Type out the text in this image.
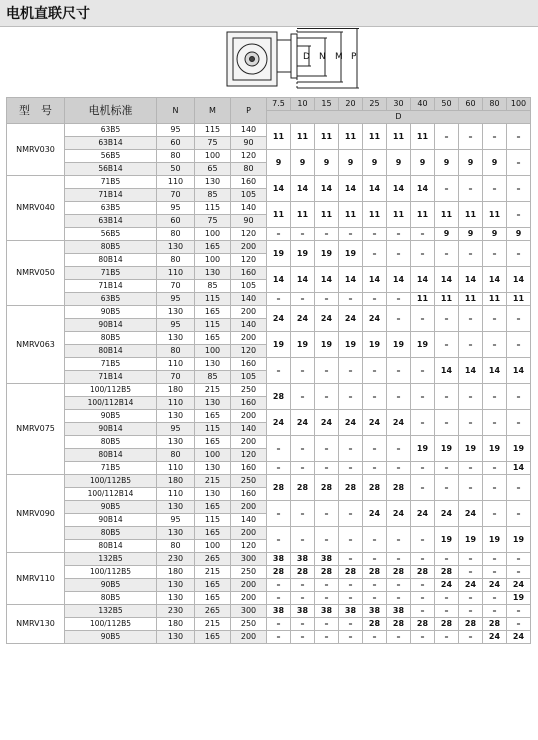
电机直联尺寸
D N M P
型　号	电机标准	N	M	P	7.5	10	15	20	25	30	40	50	60	80	100
					D										
NMRV030	63B5	95	115	140	11	11	11	11	11	11	11	–	–	–	–
	63B14	60	75	90											
	56B5	80	100	120	9	9	9	9	9	9	9	9	9	9	–
	56B14	50	65	80											
NMRV040	71B5	110	130	160	14	14	14	14	14	14	14	–	–	–	–
	71B14	70	85	105											
	63B5	95	115	140	11	11	11	11	11	11	11	11	11	11	–
	63B14	60	75	90											
	56B5	80	100	120	–	–	–	–	–	–	–	9	9	9	9
NMRV050	80B5	130	165	200	19	19	19	19	–	–	–	–	–	–	–
	80B14	80	100	120											
	71B5	110	130	160	14	14	14	14	14	14	14	14	14	14	14
	71B14	70	85	105											
	63B5	95	115	140	–	–	–	–	–	–	11	11	11	11	11
NMRV063	90B5	130	165	200	24	24	24	24	24	–	–	–	–	–	–
	90B14	95	115	140											
	80B5	130	165	200	19	19	19	19	19	19	19	–	–	–	–
	80B14	80	100	120											
	71B5	110	130	160	–	–	–	–	–	–	–	14	14	14	14
	71B14	70	85	105											
NMRV075	100/112B5	180	215	250	28	–	–	–	–	–	–	–	–	–	–
	100/112B14	110	130	160											
	90B5	130	165	200	24	24	24	24	24	24	–	–	–	–	–
	90B14	95	115	140											
	80B5	130	165	200	–	–	–	–	–	–	19	19	19	19	19
	80B14	80	100	120											
	71B5	110	130	160	–	–	–	–	–	–	–	–	–	–	14
NMRV090	100/112B5	180	215	250	28	28	28	28	28	28	–	–	–	–	–
	100/112B14	110	130	160											
	90B5	130	165	200	–	–	–	–	24	24	24	24	24	–	–
	90B14	95	115	140											
	80B5	130	165	200	–	–	–	–	–	–	–	19	19	19	19
	80B14	80	100	120											
NMRV110	132B5	230	265	300	38	38	38	–	–	–	–	–	–	–	–
	100/112B5	180	215	250	28	28	28	28	28	28	28	28	–	–	–
	90B5	130	165	200	–	–	–	–	–	–	–	24	24	24	24
	80B5	130	165	200	–	–	–	–	–	–	–	–	–	–	19
NMRV130	132B5	230	265	300	38	38	38	38	38	38	–	–	–	–	–
	100/112B5	180	215	250	–	–	–	–	28	28	28	28	28	28	–
	90B5	130	165	200	–	–	–	–	–	–	–	–	–	24	24
